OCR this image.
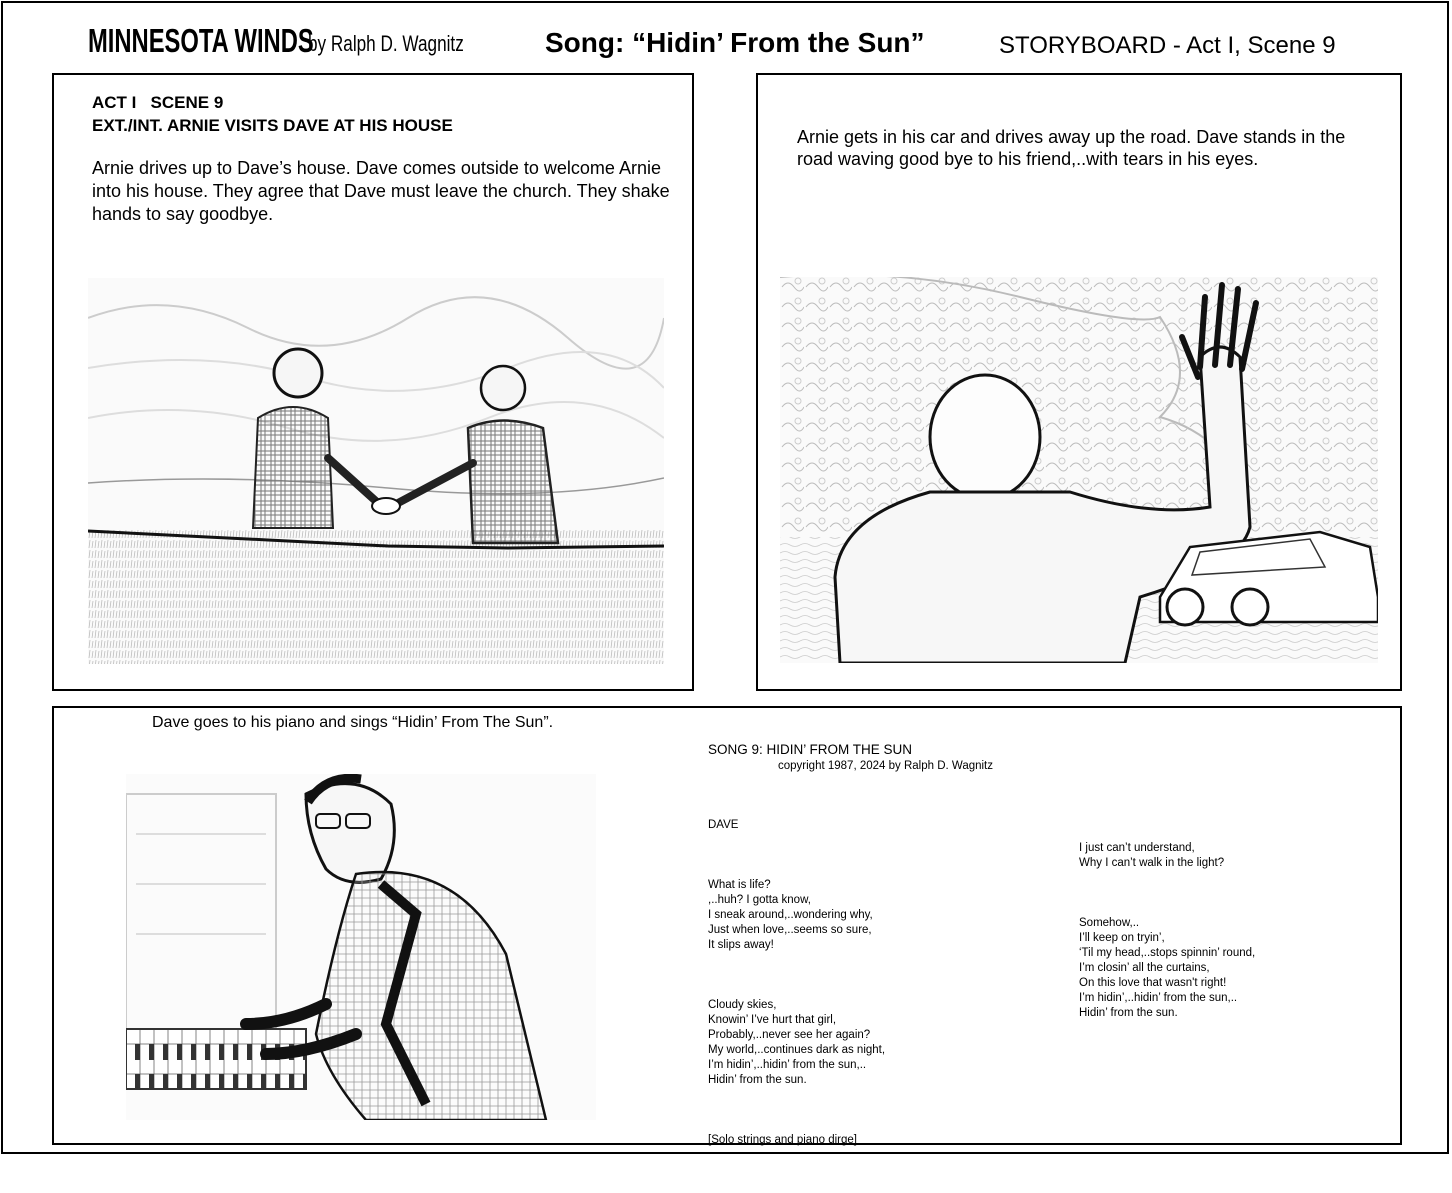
MINNESOTA WINDS
by Ralph D. Wagnitz	Song: “Hidin’ From the Sun”	STORYBOARD - Act I, Scene 9
ACT I   SCENE 9
EXT./INT. ARNIE VISITS DAVE AT HIS HOUSE
Arnie drives up to Dave’s house. Dave comes outside to welcome Arnie into his house. They agree that Dave must leave the church. They shake hands to say goodbye.
Arnie gets in his car and drives away up the road. Dave stands in the road waving good bye to his friend,..with tears in his eyes.
Dave goes to his piano and sings “Hidin’ From The Sun”.
SONG 9: HIDIN’ FROM THE SUN
copyright 1987, 2024 by Ralph D. Wagnitz

DAVE

What is life?
,..huh? I gotta know,
I sneak around,..wondering why,
Just when love,..seems so sure,
It slips away!

Cloudy skies,
Knowin’ I’ve hurt that girl,
Probably,..never see her again?
My world,..continues dark as night,
I’m hidin’,..hidin’ from the sun,..
Hidin’ from the sun.

[Solo strings and piano dirge]

I just can’t understand,
Why I can’t walk in the light?

Somehow,..
I’ll keep on tryin’,
‘Til my head,..stops spinnin’ round,
I’m closin’ all the curtains,
On this love that wasn't right!
I’m hidin’,..hidin’ from the sun,..
Hidin’ from the sun.
